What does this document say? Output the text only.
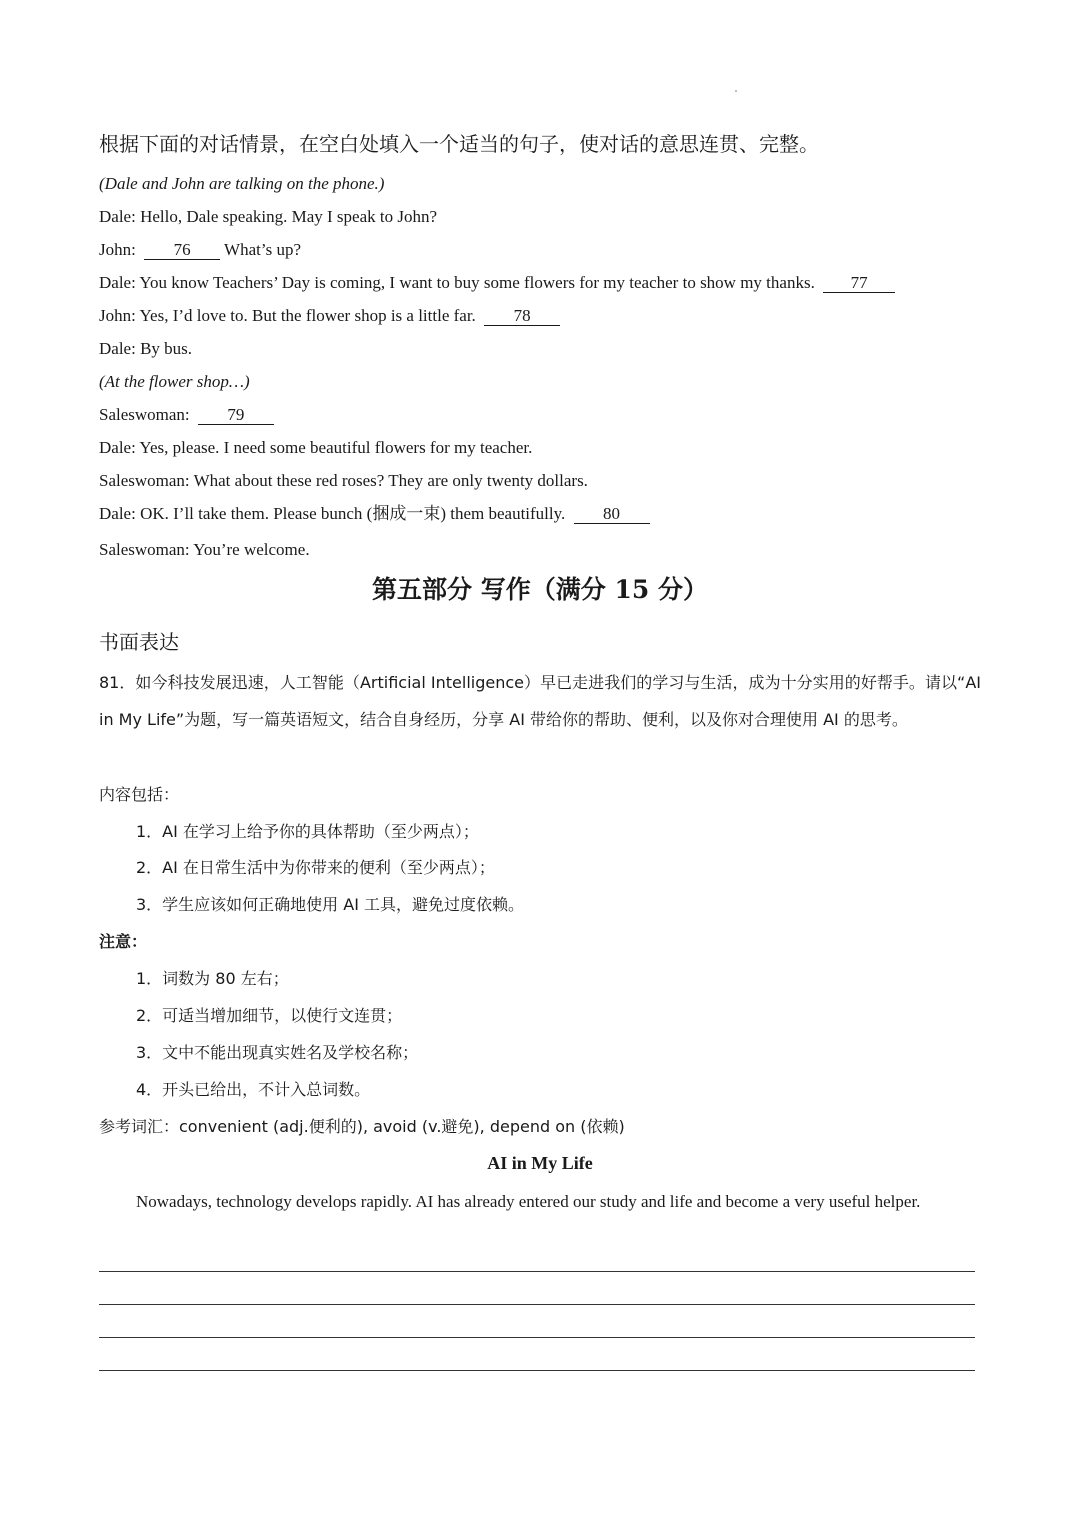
根据下面的对话情景，在空白处填入一个适当的句子，使对话的意思连贯、完整。
(Dale and John are talking on the phone.)
Dale: Hello, Dale speaking. May I speak to John?
John: 76 What’s up?
Dale: You know Teachers’ Day is coming, I want to buy some flowers for my teacher to show my thanks. 77
John: Yes, I’d love to. But the flower shop is a little far. 78
Dale: By bus.
(At the flower shop…)
Saleswoman: 79
Dale: Yes, please. I need some beautiful flowers for my teacher.
Saleswoman: What about these red roses? They are only twenty dollars.
Dale: OK. I’ll take them. Please bunch (捆成一束) them beautifully. 80
Saleswoman: You’re welcome.
第五部分 写作（满分 15 分）
书面表达
81．如今科技发展迅速，人工智能（Artificial Intelligence）早已走进我们的学习与生活，成为十分实用的好帮手。请以“AI in My Life”为题，写一篇英语短文，结合自身经历，分享 AI 带给你的帮助、便利，以及你对合理使用 AI 的思考。
内容包括：
1．AI 在学习上给予你的具体帮助（至少两点）；
2．AI 在日常生活中为你带来的便利（至少两点）；
3．学生应该如何正确地使用 AI 工具，避免过度依赖。
注意：
1．词数为 80 左右；
2．可适当增加细节，以使行文连贯；
3．文中不能出现真实姓名及学校名称；
4．开头已给出，不计入总词数。
参考词汇：convenient (adj.便利的), avoid (v.避免), depend on (依赖)
AI in My Life
Nowadays, technology develops rapidly. AI has already entered our study and life and become a very useful helper.
